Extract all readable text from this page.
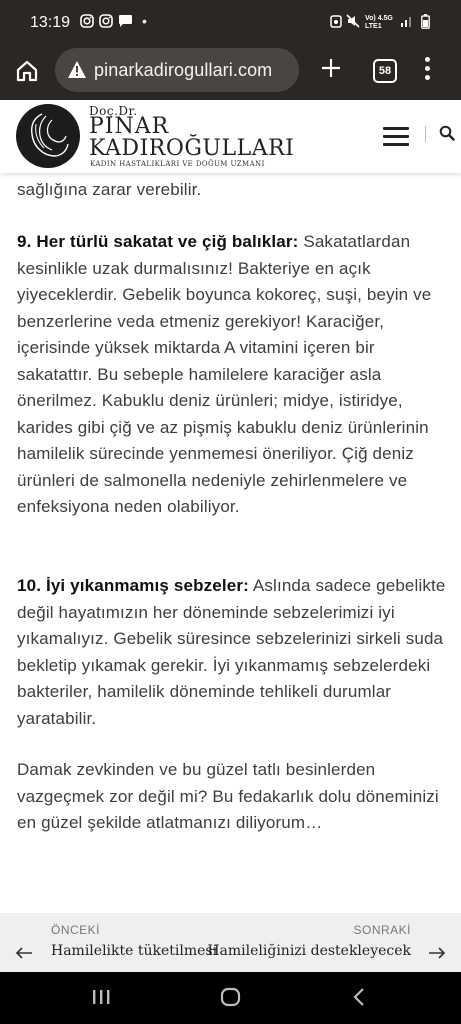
13:19	•	Vo) 4.5G
LTE1
pinarkadirogullari.com	58

sağlığına zarar verebilir.

9. Her türlü sakatat ve çiğ balıklar: Sakatatlardan kesinlikle uzak durmalısınız! Bakteriye en açık yiyeceklerdir. Gebelik boyunca kokoreç, suşi, beyin ve benzerlerine veda etmeniz gerekiyor! Karaciğer, içerisinde yüksek miktarda A vitamini içeren bir sakatattır. Bu sebeple hamilelere karaciğer asla önerilmez. Kabuklu deniz ürünleri; midye, istiridye, karides gibi çiğ ve az pişmiş kabuklu deniz ürünlerinin hamilelik sürecinde yenmemesi öneriliyor. Çiğ deniz ürünleri de salmonella nedeniyle zehirlenmelere ve enfeksiyona neden olabiliyor.

10. İyi yıkanmamış sebzeler: Aslında sadece gebelikte değil hayatımızın her döneminde sebzelerimizi iyi yıkamalıyız. Gebelik süresince sebzelerinizi sirkeli suda bekletip yıkamak gerekir. İyi yıkanmamış sebzelerdeki bakteriler, hamilelik döneminde tehlikeli durumlar yaratabilir.

Damak zevkinden ve bu güzel tatlı besinlerden vazgeçmek zor değil mi? Bu fedakarlık dolu döneminizi en güzel şekilde atlatmanızı diliyorum…

Doç.Dr.
PINAR
KADIROĞULLARI
KADIN HASTALIKLARI VE DOĞUM UZMANI
ÖNCEKİ
Hamilelikte tüketilmesi
SONRAKİ
Hamileliğinizi destekleyecek
